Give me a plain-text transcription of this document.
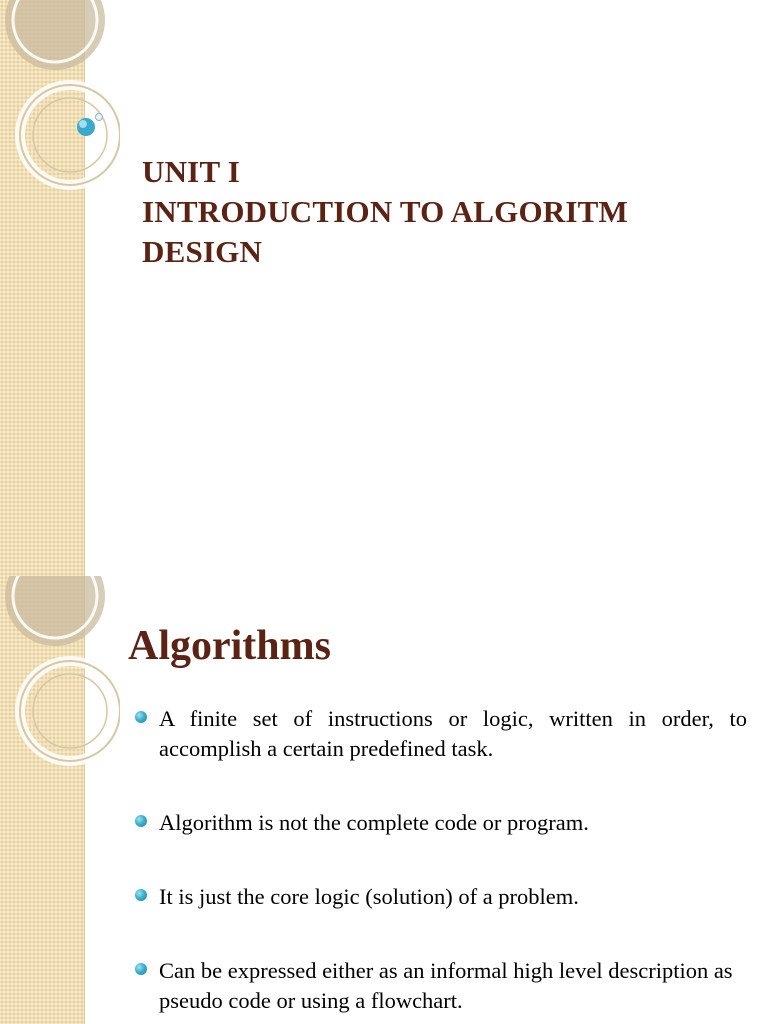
UNIT I
INTRODUCTION TO ALGORITM
DESIGN
Algorithms
A finite set of instructions or logic, written in order, to accomplish a certain predefined task.
Algorithm is not the complete code or program.
It is just the core logic (solution) of a problem.
Can be expressed either as an informal high level description as pseudo code or using a flowchart.
